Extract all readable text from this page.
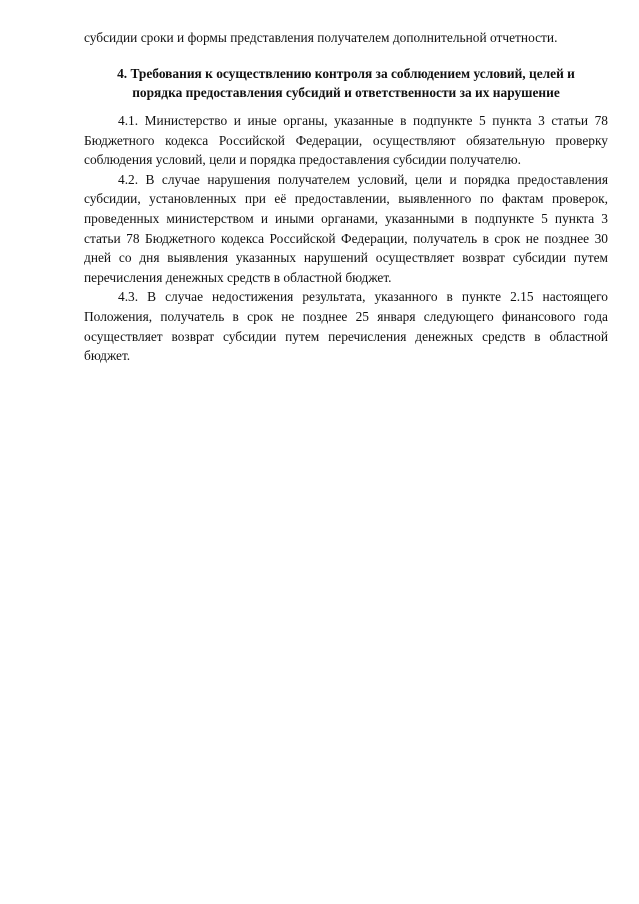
субсидии сроки и формы представления получателем дополнительной отчетности.
4. Требования к осуществлению контроля за соблюдением условий, целей и
порядка предоставления субсидий и ответственности за их нарушение

4.1. Министерство и иные органы, указанные в подпункте 5 пункта 3 статьи 78 Бюджетного кодекса Российской Федерации, осуществляют обязательную проверку соблюдения условий, цели и порядка предоставления субсидии получателю.

4.2. В случае нарушения получателем условий, цели и порядка предоставления субсидии, установленных при её предоставлении, выявленного по фактам проверок, проведенных министерством и иными органами, указанными в подпункте 5 пункта 3 статьи 78 Бюджетного кодекса Российской Федерации, получатель в срок не позднее 30 дней со дня выявления указанных нарушений осуществляет возврат субсидии путем перечисления денежных средств в областной бюджет.

4.3. В случае недостижения результата, указанного в пункте 2.15 настоящего Положения, получатель в срок не позднее 25 января следующего финансового года осуществляет возврат субсидии путем перечисления денежных средств в областной бюджет.
